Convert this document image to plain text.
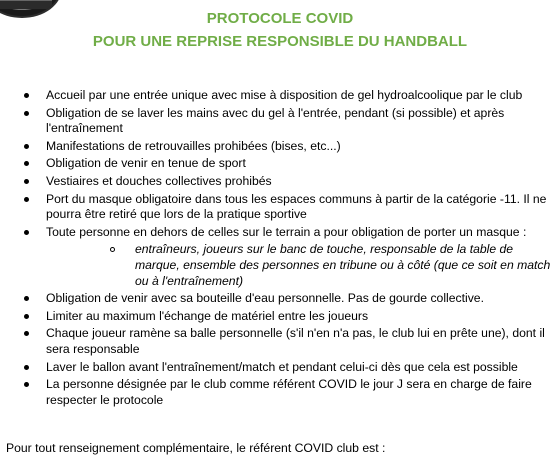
PROTOCOLE COVID
POUR UNE REPRISE RESPONSIBLE DU HANDBALL
Accueil par une entrée unique avec mise à disposition de gel hydroalcoolique par le club
Obligation de se laver les mains avec du gel à l'entrée, pendant (si possible) et après l'entraînement
Manifestations de retrouvailles prohibées (bises, etc...)
Obligation de venir en tenue de sport
Vestiaires et douches collectives prohibés
Port du masque obligatoire dans tous les espaces communs à partir de la catégorie -11. Il ne pourra être retiré que lors de la pratique sportive
Toute personne en dehors de celles sur le terrain a pour obligation de porter un masque :
entraîneurs, joueurs sur le banc de touche, responsable de la table de marque, ensemble des personnes en tribune ou à côté (que ce soit en match ou à l'entraînement)
Obligation de venir avec sa bouteille d'eau personnelle. Pas de gourde collective.
Limiter au maximum l'échange de matériel entre les joueurs
Chaque joueur ramène sa balle personnelle (s'il n'en n'a pas, le club lui en prête une), dont il sera responsable
Laver le ballon avant l'entraînement/match et pendant celui-ci dès que cela est possible
La personne désignée par le club comme référent COVID le jour J sera en charge de faire respecter le protocole
Pour tout renseignement complémentaire, le référent COVID club est :
